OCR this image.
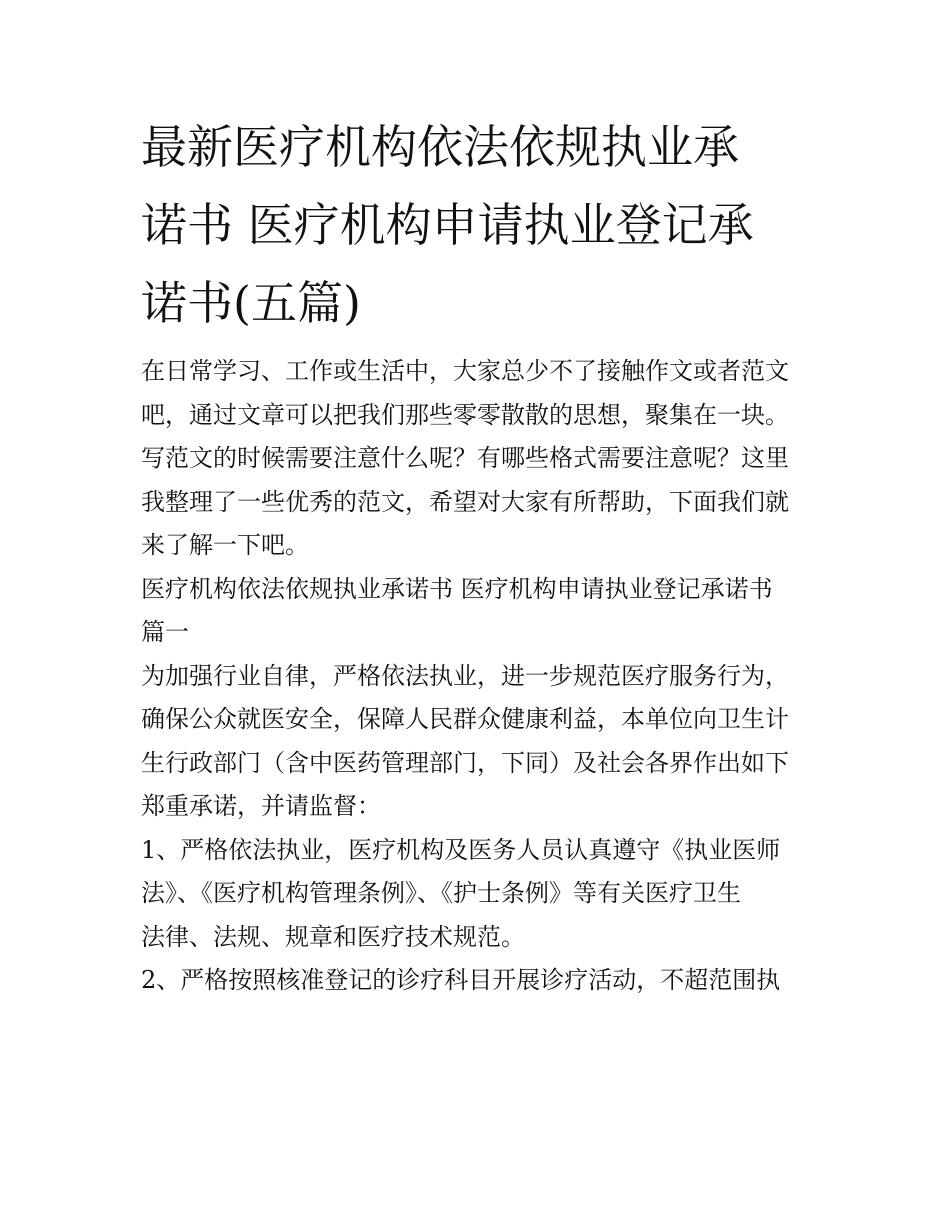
最新医疗机构依法依规执业承
诺书 医疗机构申请执业登记承
诺书(五篇)

在日常学习、工作或生活中，大家总少不了接触作文或者范文
吧，通过文章可以把我们那些零零散散的思想，聚集在一块。
写范文的时候需要注意什么呢？有哪些格式需要注意呢？这里
我整理了一些优秀的范文，希望对大家有所帮助，下面我们就
来了解一下吧。

医疗机构依法依规执业承诺书 医疗机构申请执业登记承诺书
篇一

为加强行业自律，严格依法执业，进一步规范医疗服务行为，
确保公众就医安全，保障人民群众健康利益，本单位向卫生计
生行政部门（含中医药管理部门，下同）及社会各界作出如下
郑重承诺，并请监督：

1、严格依法执业，医疗机构及医务人员认真遵守《执业医师
法》、《医疗机构管理条例》、《护士条例》等有关医疗卫生
法律、法规、规章和医疗技术规范。

2、严格按照核准登记的诊疗科目开展诊疗活动，不超范围执
